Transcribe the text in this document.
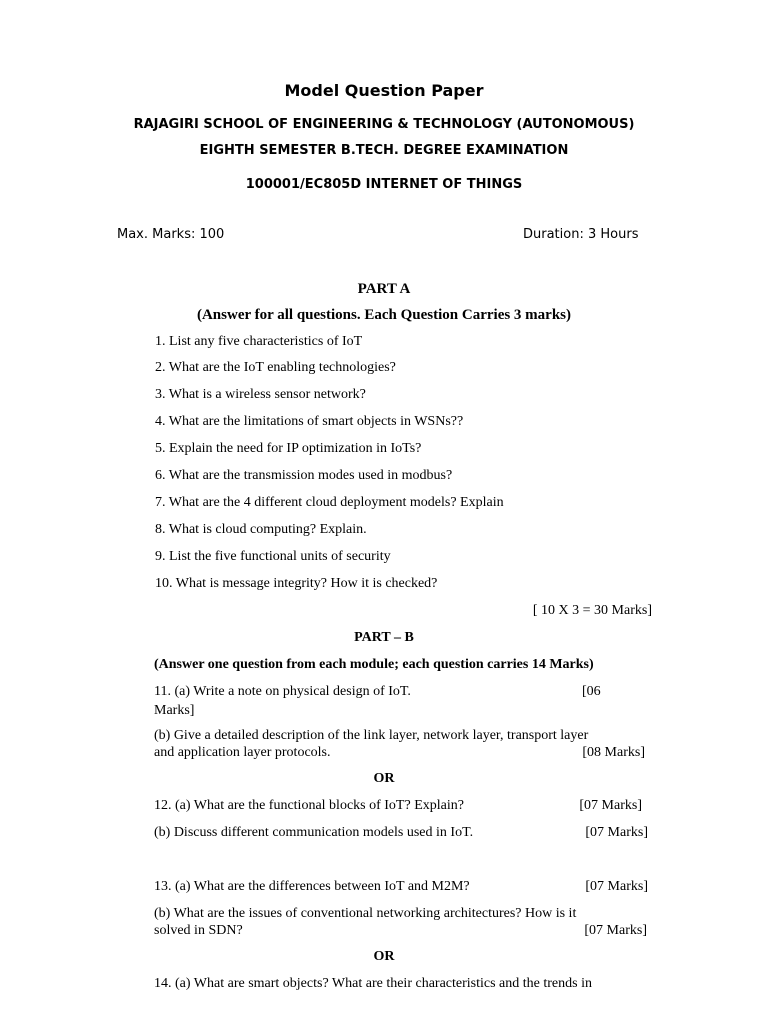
Model Question Paper
RAJAGIRI SCHOOL OF ENGINEERING & TECHNOLOGY (AUTONOMOUS)
EIGHTH SEMESTER B.TECH. DEGREE EXAMINATION
100001/EC805D INTERNET OF THINGS
Max. Marks: 100	Duration: 3 Hours
PART A
(Answer for all questions. Each Question Carries 3 marks)
1. List any five characteristics of IoT
2. What are the IoT enabling technologies?
3. What is a wireless sensor network?
4. What are the limitations of smart objects in WSNs??
5. Explain the need for IP optimization in IoTs?
6. What are the transmission modes used in modbus?
7. What are the 4 different cloud deployment models? Explain
8. What is cloud computing? Explain.
9. List the five functional units of security
10. What is message integrity? How it is checked?
[ 10 X 3 = 30 Marks]
PART – B
(Answer one question from each module; each question carries 14 Marks)
11. (a) Write a note on physical design of IoT.	[06
Marks]
(b) Give a detailed description of the link layer, network layer, transport layer
and application layer protocols.	[08 Marks]
OR
12. (a) What are the functional blocks of IoT? Explain?	[07 Marks]
(b) Discuss different communication models used in IoT.	[07 Marks]
13. (a) What are the differences between IoT and M2M?	[07 Marks]
(b) What are the issues of conventional networking architectures? How is it
solved in SDN?	[07 Marks]
OR
14. (a) What are smart objects? What are their characteristics and the trends in
